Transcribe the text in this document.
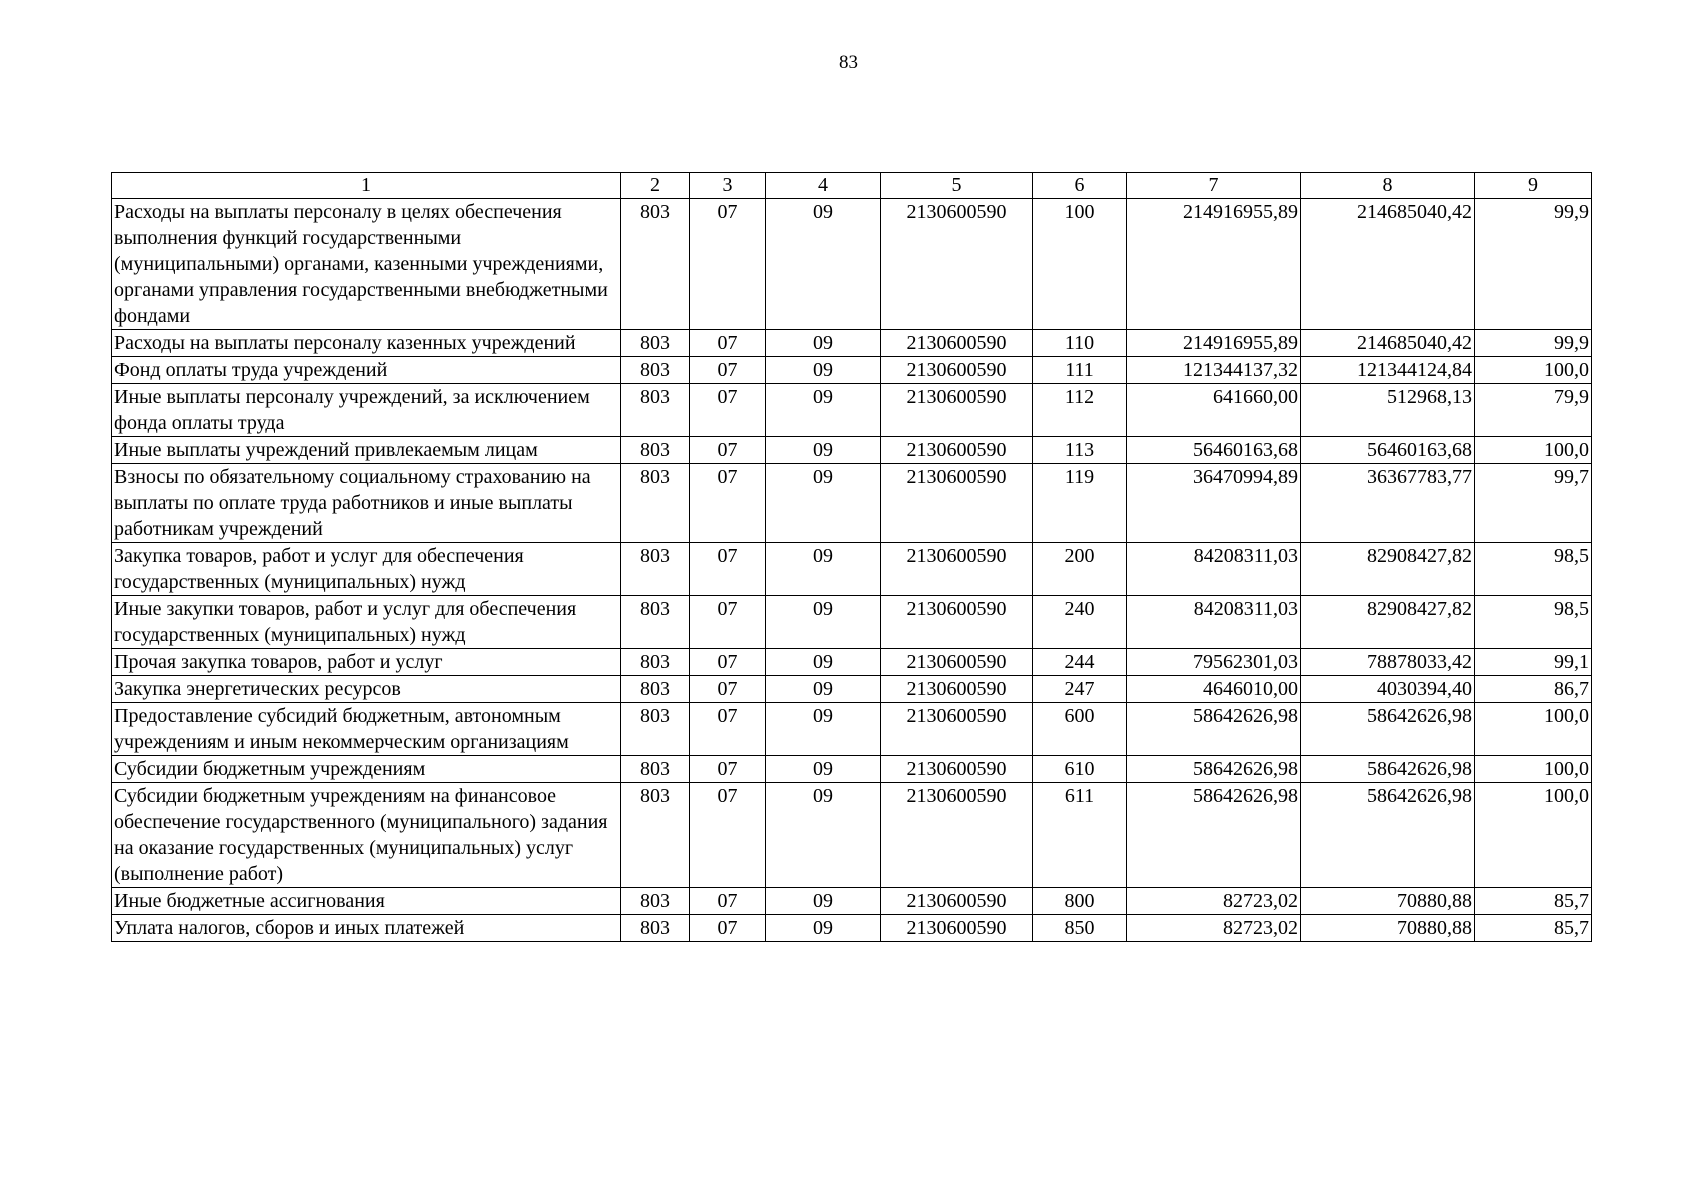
83
1	2	3	4	5	6	7	8	9
Расходы на выплаты персоналу в целях обеспечения выполнения функций государственными (муниципальными) органами, казенными учреждениями, органами управления государственными внебюджетными фондами	803	07	09	2130600590	100	214916955,89	214685040,42	99,9
Расходы на выплаты персоналу казенных учреждений	803	07	09	2130600590	110	214916955,89	214685040,42	99,9
Фонд оплаты труда учреждений	803	07	09	2130600590	111	121344137,32	121344124,84	100,0
Иные выплаты персоналу учреждений, за исключением фонда оплаты труда	803	07	09	2130600590	112	641660,00	512968,13	79,9
Иные выплаты учреждений привлекаемым лицам	803	07	09	2130600590	113	56460163,68	56460163,68	100,0
Взносы по обязательному социальному страхованию на выплаты по оплате труда работников и иные выплаты работникам учреждений	803	07	09	2130600590	119	36470994,89	36367783,77	99,7
Закупка товаров, работ и услуг для обеспечения государственных (муниципальных) нужд	803	07	09	2130600590	200	84208311,03	82908427,82	98,5
Иные закупки товаров, работ и услуг для обеспечения государственных (муниципальных) нужд	803	07	09	2130600590	240	84208311,03	82908427,82	98,5
Прочая закупка товаров, работ и услуг	803	07	09	2130600590	244	79562301,03	78878033,42	99,1
Закупка энергетических ресурсов	803	07	09	2130600590	247	4646010,00	4030394,40	86,7
Предоставление субсидий бюджетным, автономным учреждениям и иным некоммерческим организациям	803	07	09	2130600590	600	58642626,98	58642626,98	100,0
Субсидии бюджетным учреждениям	803	07	09	2130600590	610	58642626,98	58642626,98	100,0
Субсидии бюджетным учреждениям на финансовое обеспечение государственного (муниципального) задания на оказание государственных (муниципальных) услуг (выполнение работ)	803	07	09	2130600590	611	58642626,98	58642626,98	100,0
Иные бюджетные ассигнования	803	07	09	2130600590	800	82723,02	70880,88	85,7
Уплата налогов, сборов и иных платежей	803	07	09	2130600590	850	82723,02	70880,88	85,7
